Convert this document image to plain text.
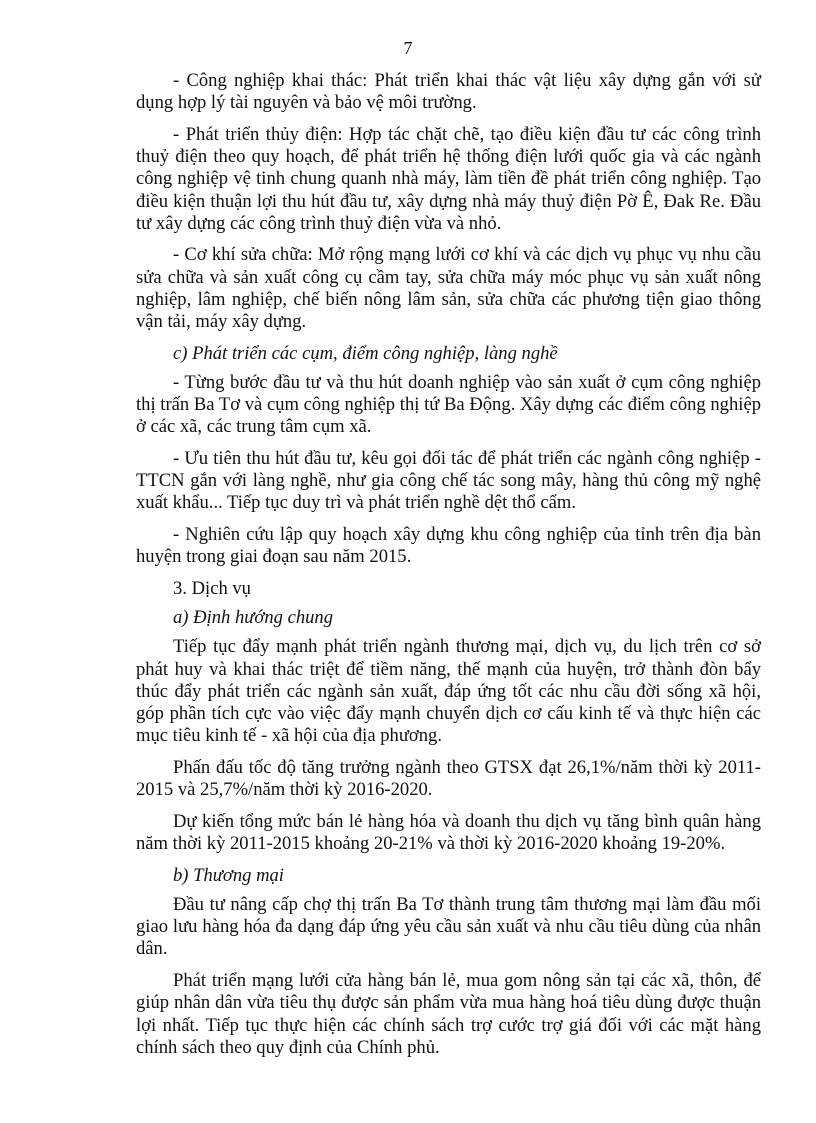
7

- Công nghiệp khai thác: Phát triển khai thác vật liệu xây dựng gắn với sử dụng hợp lý tài nguyên và bảo vệ môi trường.

- Phát triển thủy điện: Hợp tác chặt chẽ, tạo điều kiện đầu tư các công trình thuỷ điện theo quy hoạch, để phát triển hệ thống điện lưới quốc gia và các ngành công nghiệp vệ tinh chung quanh nhà máy, làm tiền đề phát triển công nghiệp. Tạo điều kiện thuận lợi thu hút đầu tư, xây dựng nhà máy thuỷ điện Pờ Ê, Đak Re. Đầu tư xây dựng các công trình thuỷ điện vừa và nhỏ.

- Cơ khí sửa chữa: Mở rộng mạng lưới cơ khí và các dịch vụ phục vụ nhu cầu sửa chữa và sản xuất công cụ cầm tay, sửa chữa máy móc phục vụ sản xuất nông nghiệp, lâm nghiệp, chế biến nông lâm sản, sửa chữa các phương tiện giao thông vận tải, máy xây dựng.

c) Phát triển các cụm, điểm công nghiệp, làng nghề

- Từng bước đầu tư và thu hút doanh nghiệp vào sản xuất ở cụm công nghiệp thị trấn Ba Tơ và cụm công nghiệp thị tứ Ba Động. Xây dựng các điểm công nghiệp ở các xã, các trung tâm cụm xã.

- Ưu tiên thu hút đầu tư, kêu gọi đối tác để phát triển các ngành công nghiệp - TTCN gắn với làng nghề, như gia công chế tác song mây, hàng thủ công mỹ nghệ xuất khẩu... Tiếp tục duy trì và phát triển nghề dệt thổ cẩm.

- Nghiên cứu lập quy hoạch xây dựng khu công nghiệp của tỉnh trên địa bàn huyện trong giai đoạn sau năm 2015.

3. Dịch vụ

a) Định hướng chung

Tiếp tục đẩy mạnh phát triển ngành thương mại, dịch vụ, du lịch trên cơ sở phát huy và khai thác triệt để tiềm năng, thế mạnh của huyện, trở thành đòn bẩy thúc đẩy phát triển các ngành sản xuất, đáp ứng tốt các nhu cầu đời sống xã hội, góp phần tích cực vào việc đẩy mạnh chuyển dịch cơ cấu kinh tế và thực hiện các mục tiêu kinh tế - xã hội của địa phương.

Phấn đấu tốc độ tăng trưởng ngành theo GTSX đạt 26,1%/năm thời kỳ 2011-2015 và 25,7%/năm thời kỳ 2016-2020.

Dự kiến tổng mức bán lẻ hàng hóa và doanh thu dịch vụ tăng bình quân hàng năm thời kỳ 2011-2015 khoảng 20-21% và thời kỳ 2016-2020 khoảng 19-20%.

b) Thương mại

Đầu tư nâng cấp chợ thị trấn Ba Tơ thành trung tâm thương mại làm đầu mối giao lưu hàng hóa đa dạng đáp ứng yêu cầu sản xuất và nhu cầu tiêu dùng của nhân dân.

Phát triển mạng lưới cửa hàng bán lẻ, mua gom nông sản tại các xã, thôn, để giúp nhân dân vừa tiêu thụ được sản phẩm vừa mua hàng hoá tiêu dùng được thuận lợi nhất. Tiếp tục thực hiện các chính sách trợ cước trợ giá đối với các mặt hàng chính sách theo quy định của Chính phủ.
